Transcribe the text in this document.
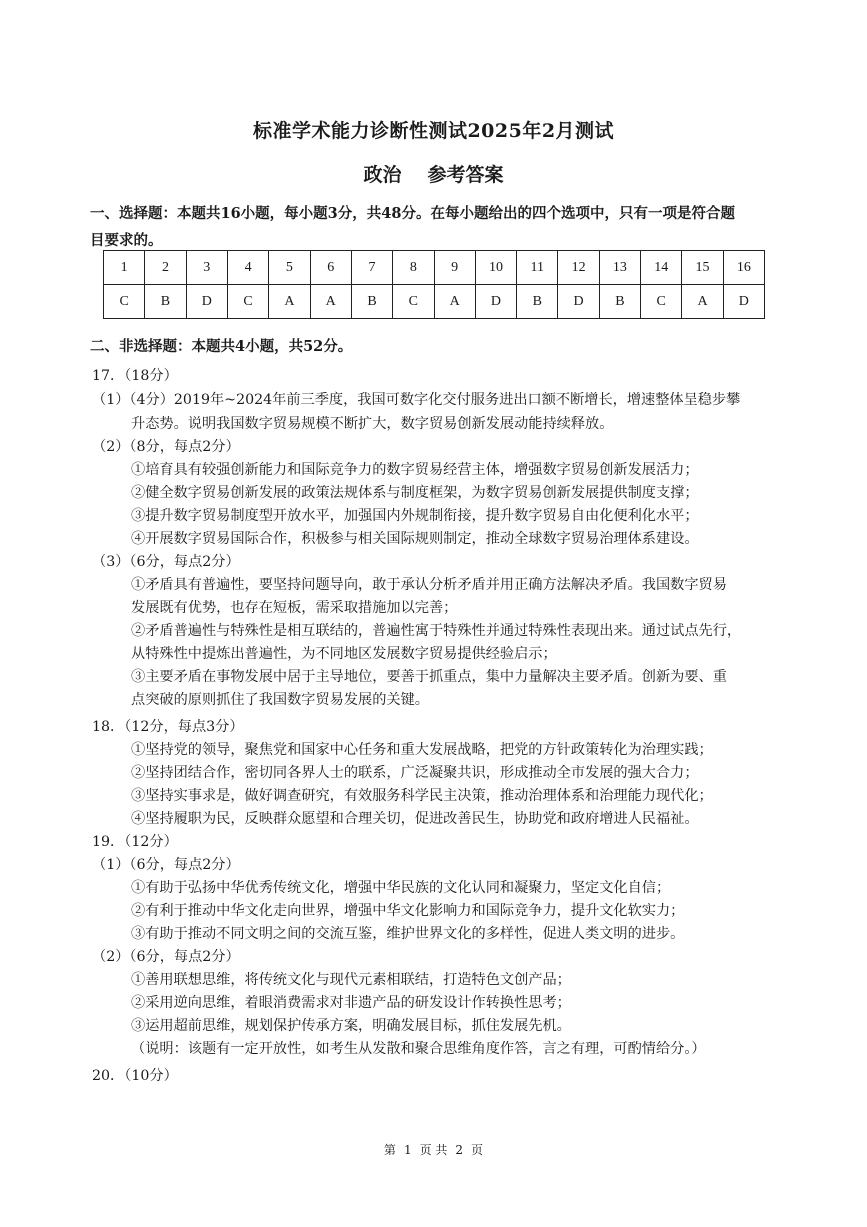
标准学术能力诊断性测试2025年2月测试
政治 参考答案
一、选择题：本题共16小题，每小题3分，共48分。在每小题给出的四个选项中，只有一项是符合题
目要求的。
1	2	3	4	5	6	7	8	9	10	11	12	13	14	15	16
C	B	D	C	A	A	B	C	A	D	B	D	B	C	A	D
二、非选择题：本题共4小题，共52分。
17．（18分）
（1）（4分）2019年~2024年前三季度，我国可数字化交付服务进出口额不断增长，增速整体呈稳步攀
升态势。说明我国数字贸易规模不断扩大，数字贸易创新发展动能持续释放。
（2）（8分，每点2分）
①培育具有较强创新能力和国际竞争力的数字贸易经营主体，增强数字贸易创新发展活力；
②健全数字贸易创新发展的政策法规体系与制度框架，为数字贸易创新发展提供制度支撑；
③提升数字贸易制度型开放水平，加强国内外规制衔接，提升数字贸易自由化便利化水平；
④开展数字贸易国际合作，积极参与相关国际规则制定，推动全球数字贸易治理体系建设。
（3）（6分，每点2分）
①矛盾具有普遍性，要坚持问题导向，敢于承认分析矛盾并用正确方法解决矛盾。我国数字贸易
发展既有优势，也存在短板，需采取措施加以完善；
②矛盾普遍性与特殊性是相互联结的，普遍性寓于特殊性并通过特殊性表现出来。通过试点先行，
从特殊性中提炼出普遍性，为不同地区发展数字贸易提供经验启示；
③主要矛盾在事物发展中居于主导地位，要善于抓重点，集中力量解决主要矛盾。创新为要、重
点突破的原则抓住了我国数字贸易发展的关键。
18．（12分，每点3分）
①坚持党的领导，聚焦党和国家中心任务和重大发展战略，把党的方针政策转化为治理实践；
②坚持团结合作，密切同各界人士的联系，广泛凝聚共识，形成推动全市发展的强大合力；
③坚持实事求是，做好调查研究，有效服务科学民主决策，推动治理体系和治理能力现代化；
④坚持履职为民，反映群众愿望和合理关切，促进改善民生，协助党和政府增进人民福祉。
19．（12分）
（1）（6分，每点2分）
①有助于弘扬中华优秀传统文化，增强中华民族的文化认同和凝聚力，坚定文化自信；
②有利于推动中华文化走向世界，增强中华文化影响力和国际竞争力，提升文化软实力；
③有助于推动不同文明之间的交流互鉴，维护世界文化的多样性，促进人类文明的进步。
（2）（6分，每点2分）
①善用联想思维，将传统文化与现代元素相联结，打造特色文创产品；
②采用逆向思维，着眼消费需求对非遗产品的研发设计作转换性思考；
③运用超前思维，规划保护传承方案，明确发展目标，抓住发展先机。
（说明：该题有一定开放性，如考生从发散和聚合思维角度作答，言之有理，可酌情给分。）
20．（10分）
第 1 页 共 2 页
